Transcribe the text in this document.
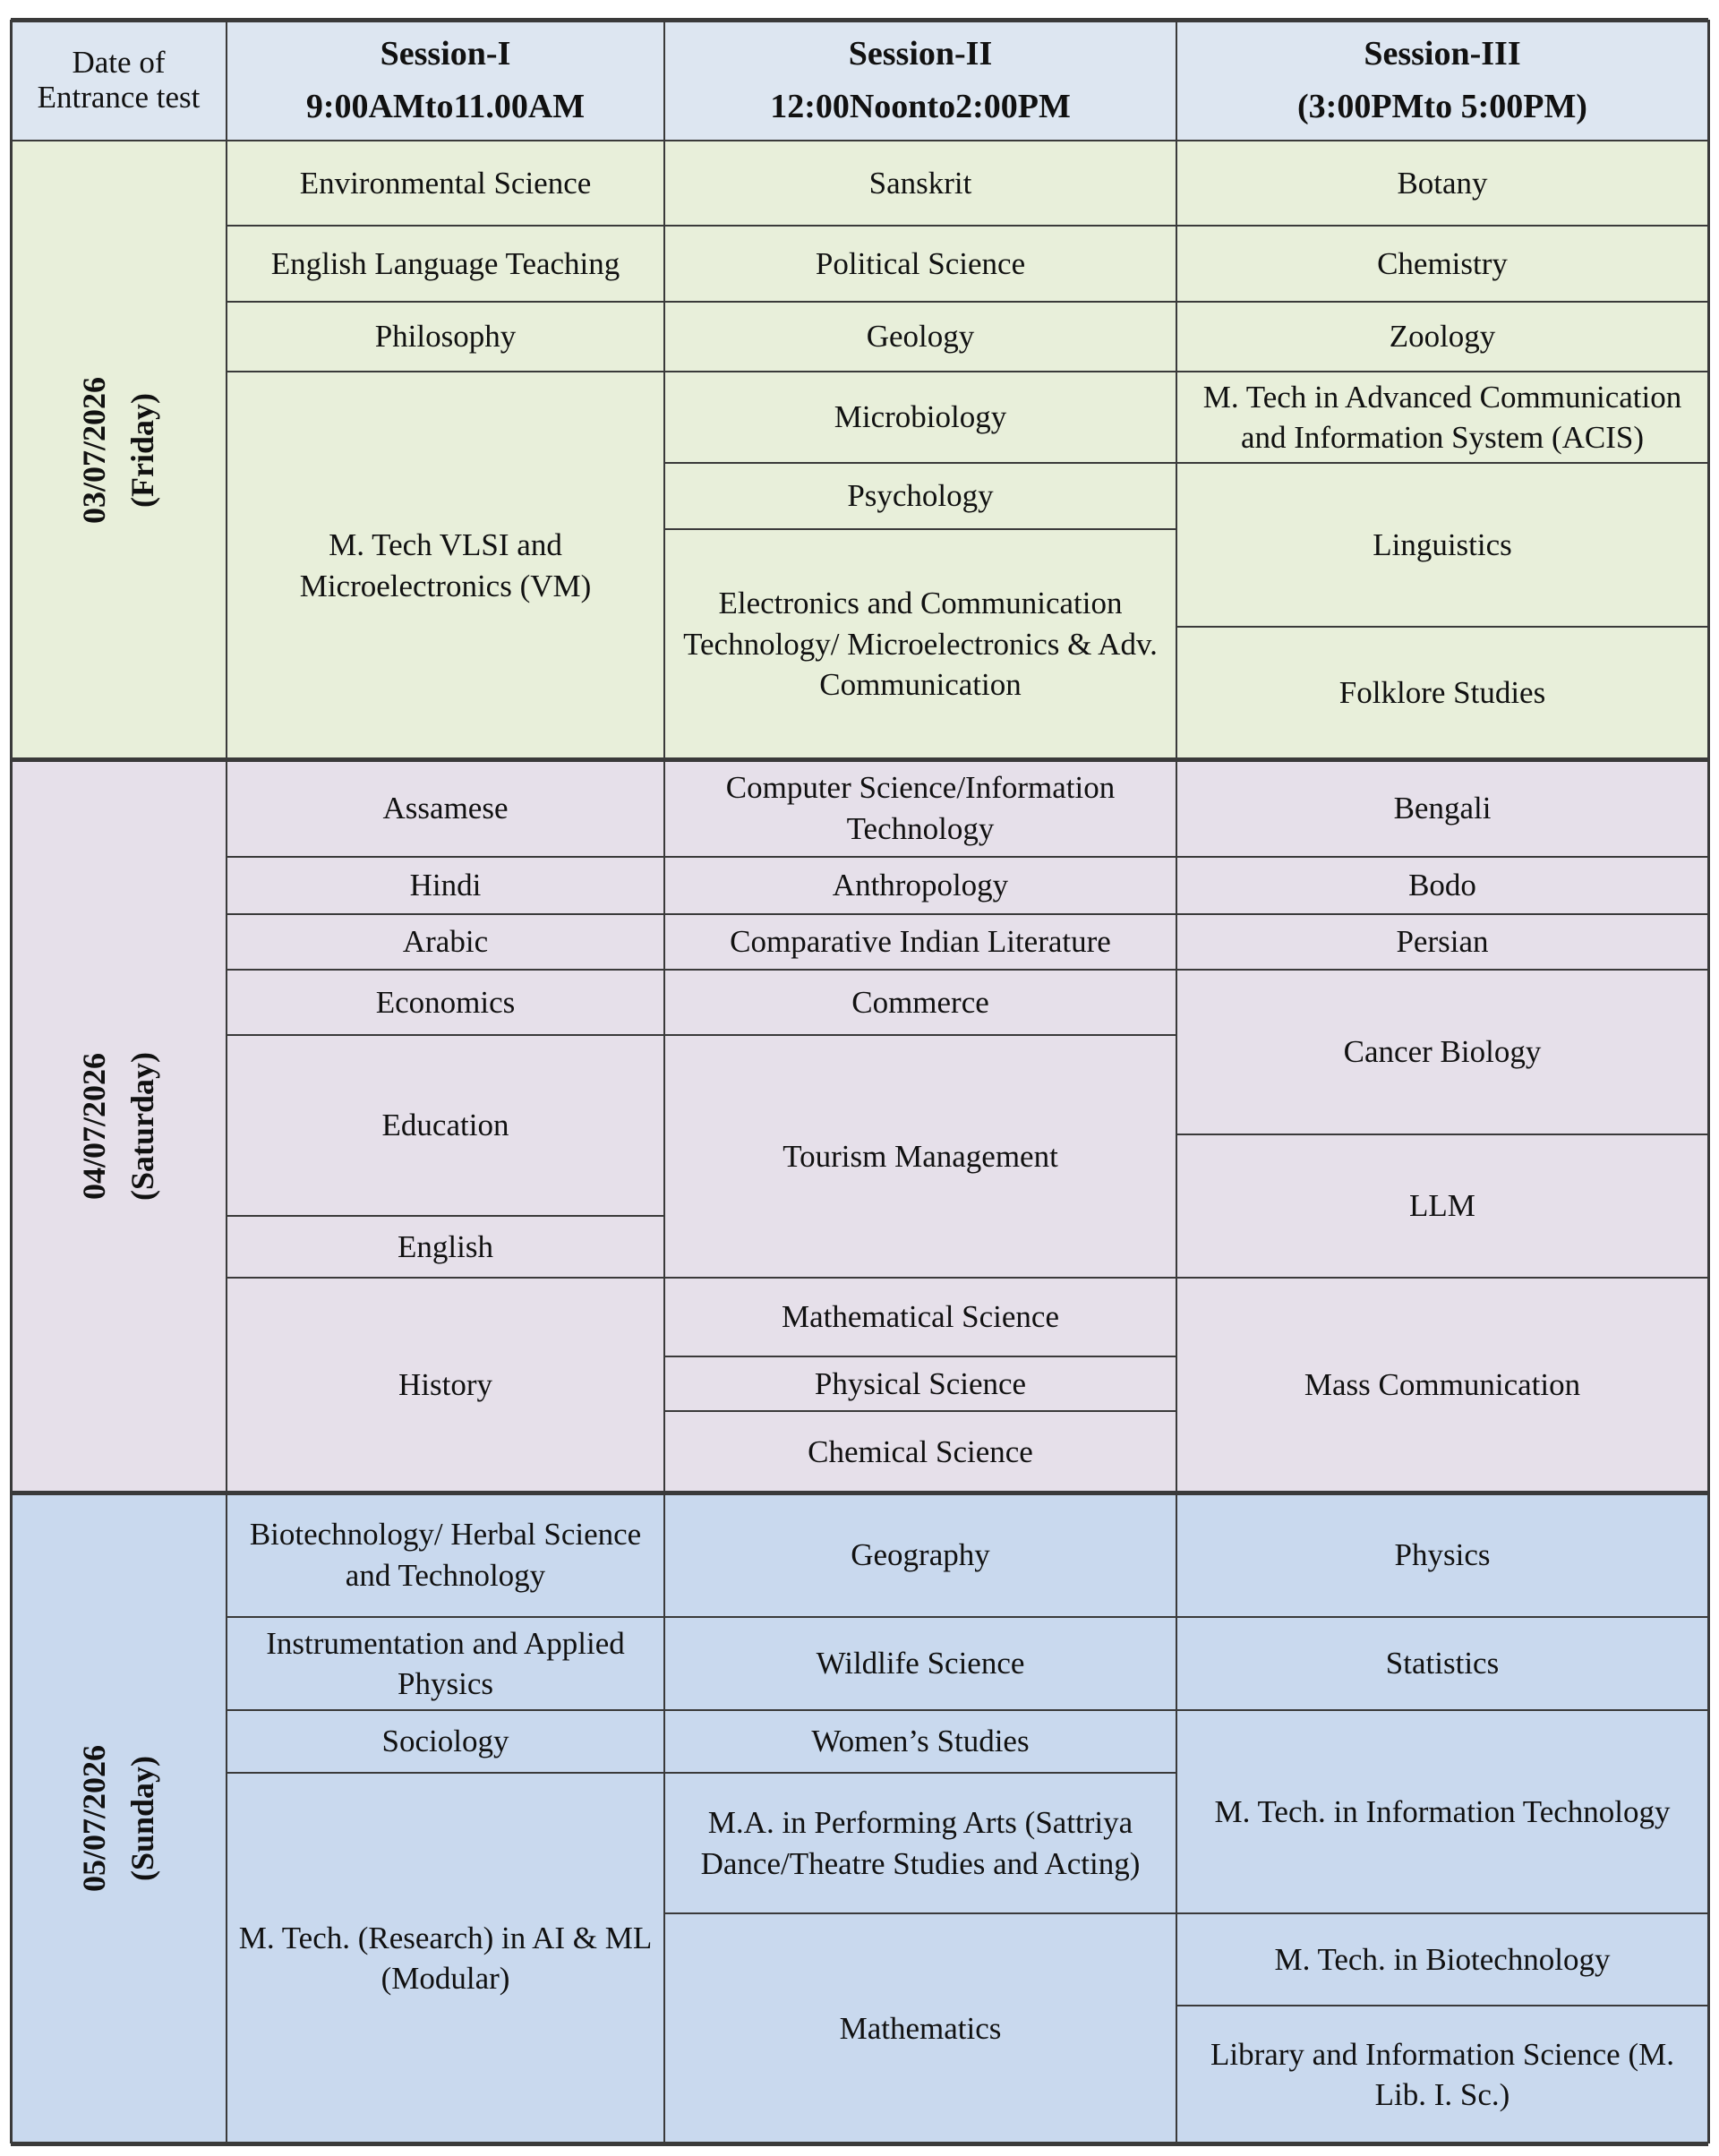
Date of Entrance test
Session-I
9:00AMto11.00AM
Session-II
12:00Noonto2:00PM
Session-III
(3:00PMto 5:00PM)
03/07/2026 (Friday)
Environmental Science
English Language Teaching
Philosophy
M. Tech VLSI and Microelectronics (VM)
Sanskrit
Political Science
Geology
Microbiology
Psychology
Electronics and Communication Technology/ Microelectronics & Adv. Communication
Botany
Chemistry
Zoology
M. Tech in Advanced Communication and Information System (ACIS)
Linguistics
Folklore Studies
04/07/2026 (Saturday)
Assamese
Hindi
Arabic
Economics
Education
English
History
Computer Science/Information Technology
Anthropology
Comparative Indian Literature
Commerce
Tourism Management
Mathematical Science
Physical Science
Chemical Science
Bengali
Bodo
Persian
Cancer Biology
LLM
Mass Communication
05/07/2026 (Sunday)
Biotechnology/ Herbal Science and Technology
Instrumentation and Applied Physics
Sociology
M. Tech. (Research) in AI & ML (Modular)
Geography
Wildlife Science
Women’s Studies
M.A. in Performing Arts (Sattriya Dance/Theatre Studies and Acting)
Mathematics
Physics
Statistics
M. Tech. in Information Technology
M. Tech. in Biotechnology
Library and Information Science (M. Lib. I. Sc.)
